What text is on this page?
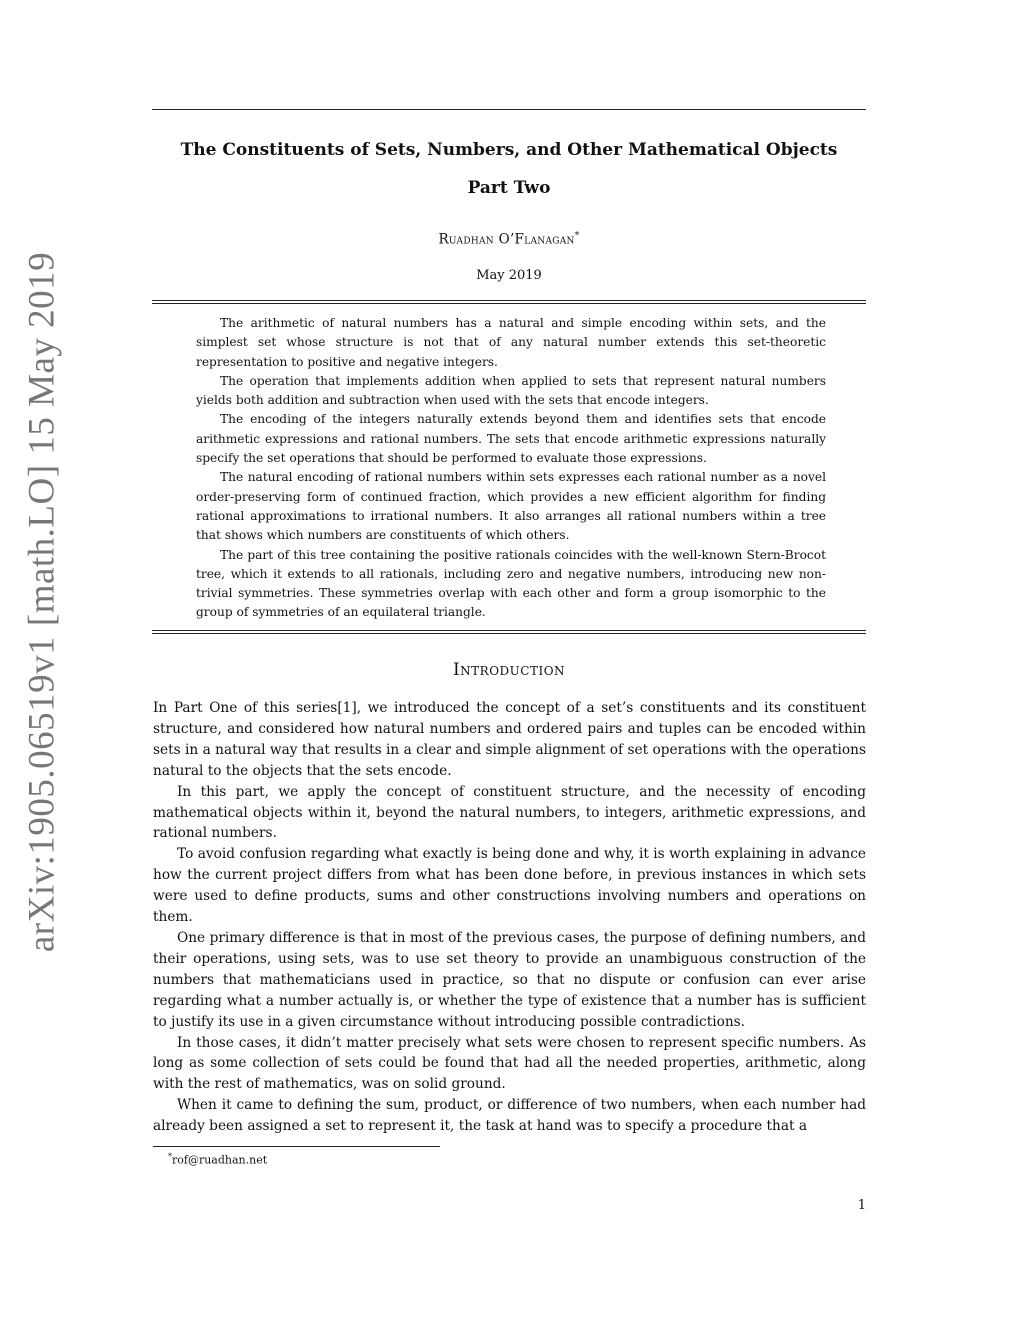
arXiv:1905.06519v1 [math.LO] 15 May 2019
The Constituents of Sets, Numbers, and Other Mathematical Objects
Part Two
Ruadhan O’Flanagan*
May 2019

The arithmetic of natural numbers has a natural and simple encoding within sets, and the simplest set whose structure is not that of any natural number extends this set-theoretic representation to positive and negative integers.

The operation that implements addition when applied to sets that represent natural numbers yields both addition and subtraction when used with the sets that encode integers.

The encoding of the integers naturally extends beyond them and identifies sets that encode arithmetic expressions and rational numbers. The sets that encode arithmetic expressions naturally specify the set operations that should be performed to evaluate those expressions.

The natural encoding of rational numbers within sets expresses each rational number as a novel order-preserving form of continued fraction, which provides a new efficient algorithm for finding rational approximations to irrational numbers. It also arranges all rational numbers within a tree that shows which numbers are constituents of which others.

The part of this tree containing the positive rationals coincides with the well-known Stern-Brocot tree, which it extends to all rationals, including zero and negative numbers, introducing new non-trivial symmetries. These symmetries overlap with each other and form a group isomorphic to the group of symmetries of an equilateral triangle.

Introduction

In Part One of this series[1], we introduced the concept of a set’s constituents and its constituent structure, and considered how natural numbers and ordered pairs and tuples can be encoded within sets in a natural way that results in a clear and simple alignment of set operations with the operations natural to the objects that the sets encode.

In this part, we apply the concept of constituent structure, and the necessity of encoding mathematical objects within it, beyond the natural numbers, to integers, arithmetic expressions, and rational numbers.

To avoid confusion regarding what exactly is being done and why, it is worth explaining in advance how the current project differs from what has been done before, in previous instances in which sets were used to define products, sums and other constructions involving numbers and operations on them.

One primary difference is that in most of the previous cases, the purpose of defining numbers, and their operations, using sets, was to use set theory to provide an unambiguous construction of the numbers that mathematicians used in practice, so that no dispute or confusion can ever arise regarding what a number actually is, or whether the type of existence that a number has is sufficient to justify its use in a given circumstance without introducing possible contradictions.

In those cases, it didn’t matter precisely what sets were chosen to represent specific numbers. As long as some collection of sets could be found that had all the needed properties, arithmetic, along with the rest of mathematics, was on solid ground.

When it came to defining the sum, product, or difference of two numbers, when each number had already been assigned a set to represent it, the task at hand was to specify a procedure that a

*rof@ruadhan.net
1
